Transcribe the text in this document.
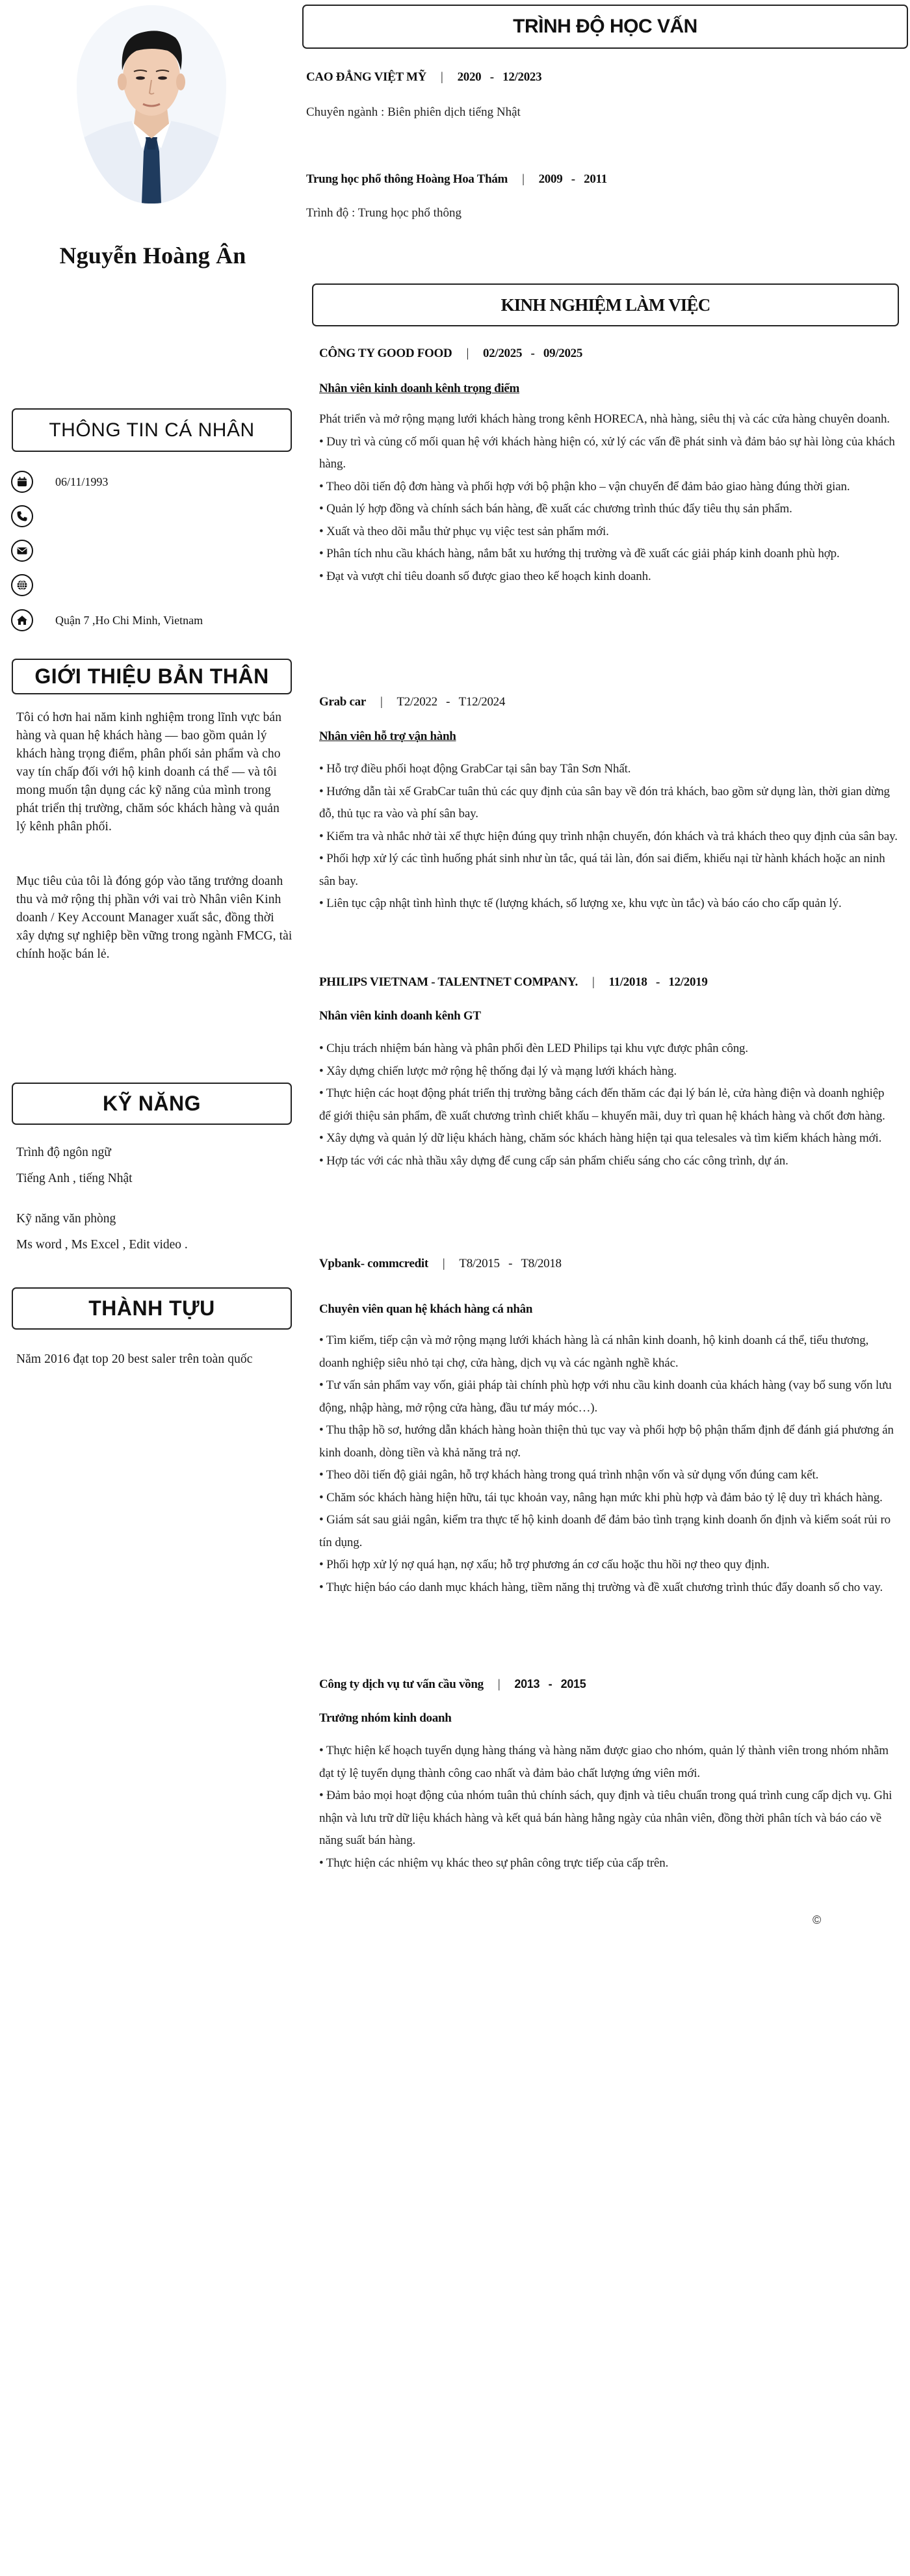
Nguyễn Hoàng Ân
THÔNG TIN CÁ NHÂN
06/11/1993
Quận 7 ,Ho Chi Minh, Vietnam
GIỚI THIỆU BẢN THÂN
Tôi có hơn hai năm kinh nghiệm trong lĩnh vực bán hàng và quan hệ khách hàng — bao gồm quản lý khách hàng trọng điểm, phân phối sản phẩm và cho vay tín chấp đối với hộ kinh doanh cá thể — và tôi mong muốn tận dụng các kỹ năng của mình trong phát triển thị trường, chăm sóc khách hàng và quản lý kênh phân phối.
Mục tiêu của tôi là đóng góp vào tăng trưởng doanh thu và mở rộng thị phần với vai trò Nhân viên Kinh doanh / Key Account Manager xuất sắc, đồng thời xây dựng sự nghiệp bền vững trong ngành FMCG, tài chính hoặc bán lẻ.
KỸ NĂNG
Trình độ ngôn ngữ
Tiếng Anh , tiếng Nhật
Kỹ năng văn phòng
Ms word , Ms Excel , Edit video .
THÀNH TỰU
Năm 2016 đạt top 20 best saler trên toàn quốc
TRÌNH ĐỘ HỌC VẤN
CAO ĐẲNG VIỆT MỸ | 2020 - 12/2023
Chuyên ngành : Biên phiên dịch tiếng Nhật
Trung học phổ thông Hoàng Hoa Thám | 2009 - 2011
Trình độ : Trung học phổ thông
KINH NGHIỆM LÀM VIỆC
CÔNG TY GOOD FOOD | 02/2025 - 09/2025
Nhân viên kinh doanh kênh trọng điểm

Phát triển và mở rộng mạng lưới khách hàng trong kênh HORECA, nhà hàng, siêu thị và các cửa hàng chuyên doanh.

• Duy trì và củng cố mối quan hệ với khách hàng hiện có, xử lý các vấn đề phát sinh và đảm bảo sự hài lòng của khách hàng.

• Theo dõi tiến độ đơn hàng và phối hợp với bộ phận kho – vận chuyển để đảm bảo giao hàng đúng thời gian.

• Quản lý hợp đồng và chính sách bán hàng, đề xuất các chương trình thúc đẩy tiêu thụ sản phẩm.

• Xuất và theo dõi mẫu thử phục vụ việc test sản phẩm mới.

• Phân tích nhu cầu khách hàng, nắm bắt xu hướng thị trường và đề xuất các giải pháp kinh doanh phù hợp.

• Đạt và vượt chỉ tiêu doanh số được giao theo kế hoạch kinh doanh.

Grab car | T2/2022 - T12/2024
Nhân viên hỗ trợ vận hành

• Hỗ trợ điều phối hoạt động GrabCar tại sân bay Tân Sơn Nhất.

• Hướng dẫn tài xế GrabCar tuân thủ các quy định của sân bay về đón trả khách, bao gồm sử dụng làn, thời gian dừng đỗ, thủ tục ra vào và phí sân bay.

• Kiểm tra và nhắc nhở tài xế thực hiện đúng quy trình nhận chuyến, đón khách và trả khách theo quy định của sân bay.

• Phối hợp xử lý các tình huống phát sinh như ùn tắc, quá tải làn, đón sai điểm, khiếu nại từ hành khách hoặc an ninh sân bay.

• Liên tục cập nhật tình hình thực tế (lượng khách, số lượng xe, khu vực ùn tắc) và báo cáo cho cấp quản lý.

PHILIPS VIETNAM - TALENTNET COMPANY. | 11/2018 - 12/2019
Nhân viên kinh doanh kênh GT

• Chịu trách nhiệm bán hàng và phân phối đèn LED Philips tại khu vực được phân công.

• Xây dựng chiến lược mở rộng hệ thống đại lý và mạng lưới khách hàng.

• Thực hiện các hoạt động phát triển thị trường bằng cách đến thăm các đại lý bán lẻ, cửa hàng điện và doanh nghiệp để giới thiệu sản phẩm, đề xuất chương trình chiết khấu – khuyến mãi, duy trì quan hệ khách hàng và chốt đơn hàng.

• Xây dựng và quản lý dữ liệu khách hàng, chăm sóc khách hàng hiện tại qua telesales và tìm kiếm khách hàng mới.

• Hợp tác với các nhà thầu xây dựng để cung cấp sản phẩm chiếu sáng cho các công trình, dự án.

Vpbank- commcredit | T8/2015 - T8/2018
Chuyên viên quan hệ khách hàng cá nhân

• Tìm kiếm, tiếp cận và mở rộng mạng lưới khách hàng là cá nhân kinh doanh, hộ kinh doanh cá thể, tiểu thương, doanh nghiệp siêu nhỏ tại chợ, cửa hàng, dịch vụ và các ngành nghề khác.

• Tư vấn sản phẩm vay vốn, giải pháp tài chính phù hợp với nhu cầu kinh doanh của khách hàng (vay bổ sung vốn lưu động, nhập hàng, mở rộng cửa hàng, đầu tư máy móc…).

• Thu thập hồ sơ, hướng dẫn khách hàng hoàn thiện thủ tục vay và phối hợp bộ phận thẩm định để đánh giá phương án kinh doanh, dòng tiền và khả năng trả nợ.

• Theo dõi tiến độ giải ngân, hỗ trợ khách hàng trong quá trình nhận vốn và sử dụng vốn đúng cam kết.

• Chăm sóc khách hàng hiện hữu, tái tục khoản vay, nâng hạn mức khi phù hợp và đảm bảo tỷ lệ duy trì khách hàng.

• Giám sát sau giải ngân, kiểm tra thực tế hộ kinh doanh để đảm bảo tình trạng kinh doanh ổn định và kiểm soát rủi ro tín dụng.

• Phối hợp xử lý nợ quá hạn, nợ xấu; hỗ trợ phương án cơ cấu hoặc thu hồi nợ theo quy định.

• Thực hiện báo cáo danh mục khách hàng, tiềm năng thị trường và đề xuất chương trình thúc đẩy doanh số cho vay.

Công ty dịch vụ tư vấn cầu vồng | 2013 - 2015
Trưởng nhóm kinh doanh

• Thực hiện kế hoạch tuyển dụng hàng tháng và hàng năm được giao cho nhóm, quản lý thành viên trong nhóm nhằm đạt tỷ lệ tuyển dụng thành công cao nhất và đảm bảo chất lượng ứng viên mới.

• Đảm bảo mọi hoạt động của nhóm tuân thủ chính sách, quy định và tiêu chuẩn trong quá trình cung cấp dịch vụ. Ghi nhận và lưu trữ dữ liệu khách hàng và kết quả bán hàng hằng ngày của nhân viên, đồng thời phân tích và báo cáo về năng suất bán hàng.

• Thực hiện các nhiệm vụ khác theo sự phân công trực tiếp của cấp trên.

©
